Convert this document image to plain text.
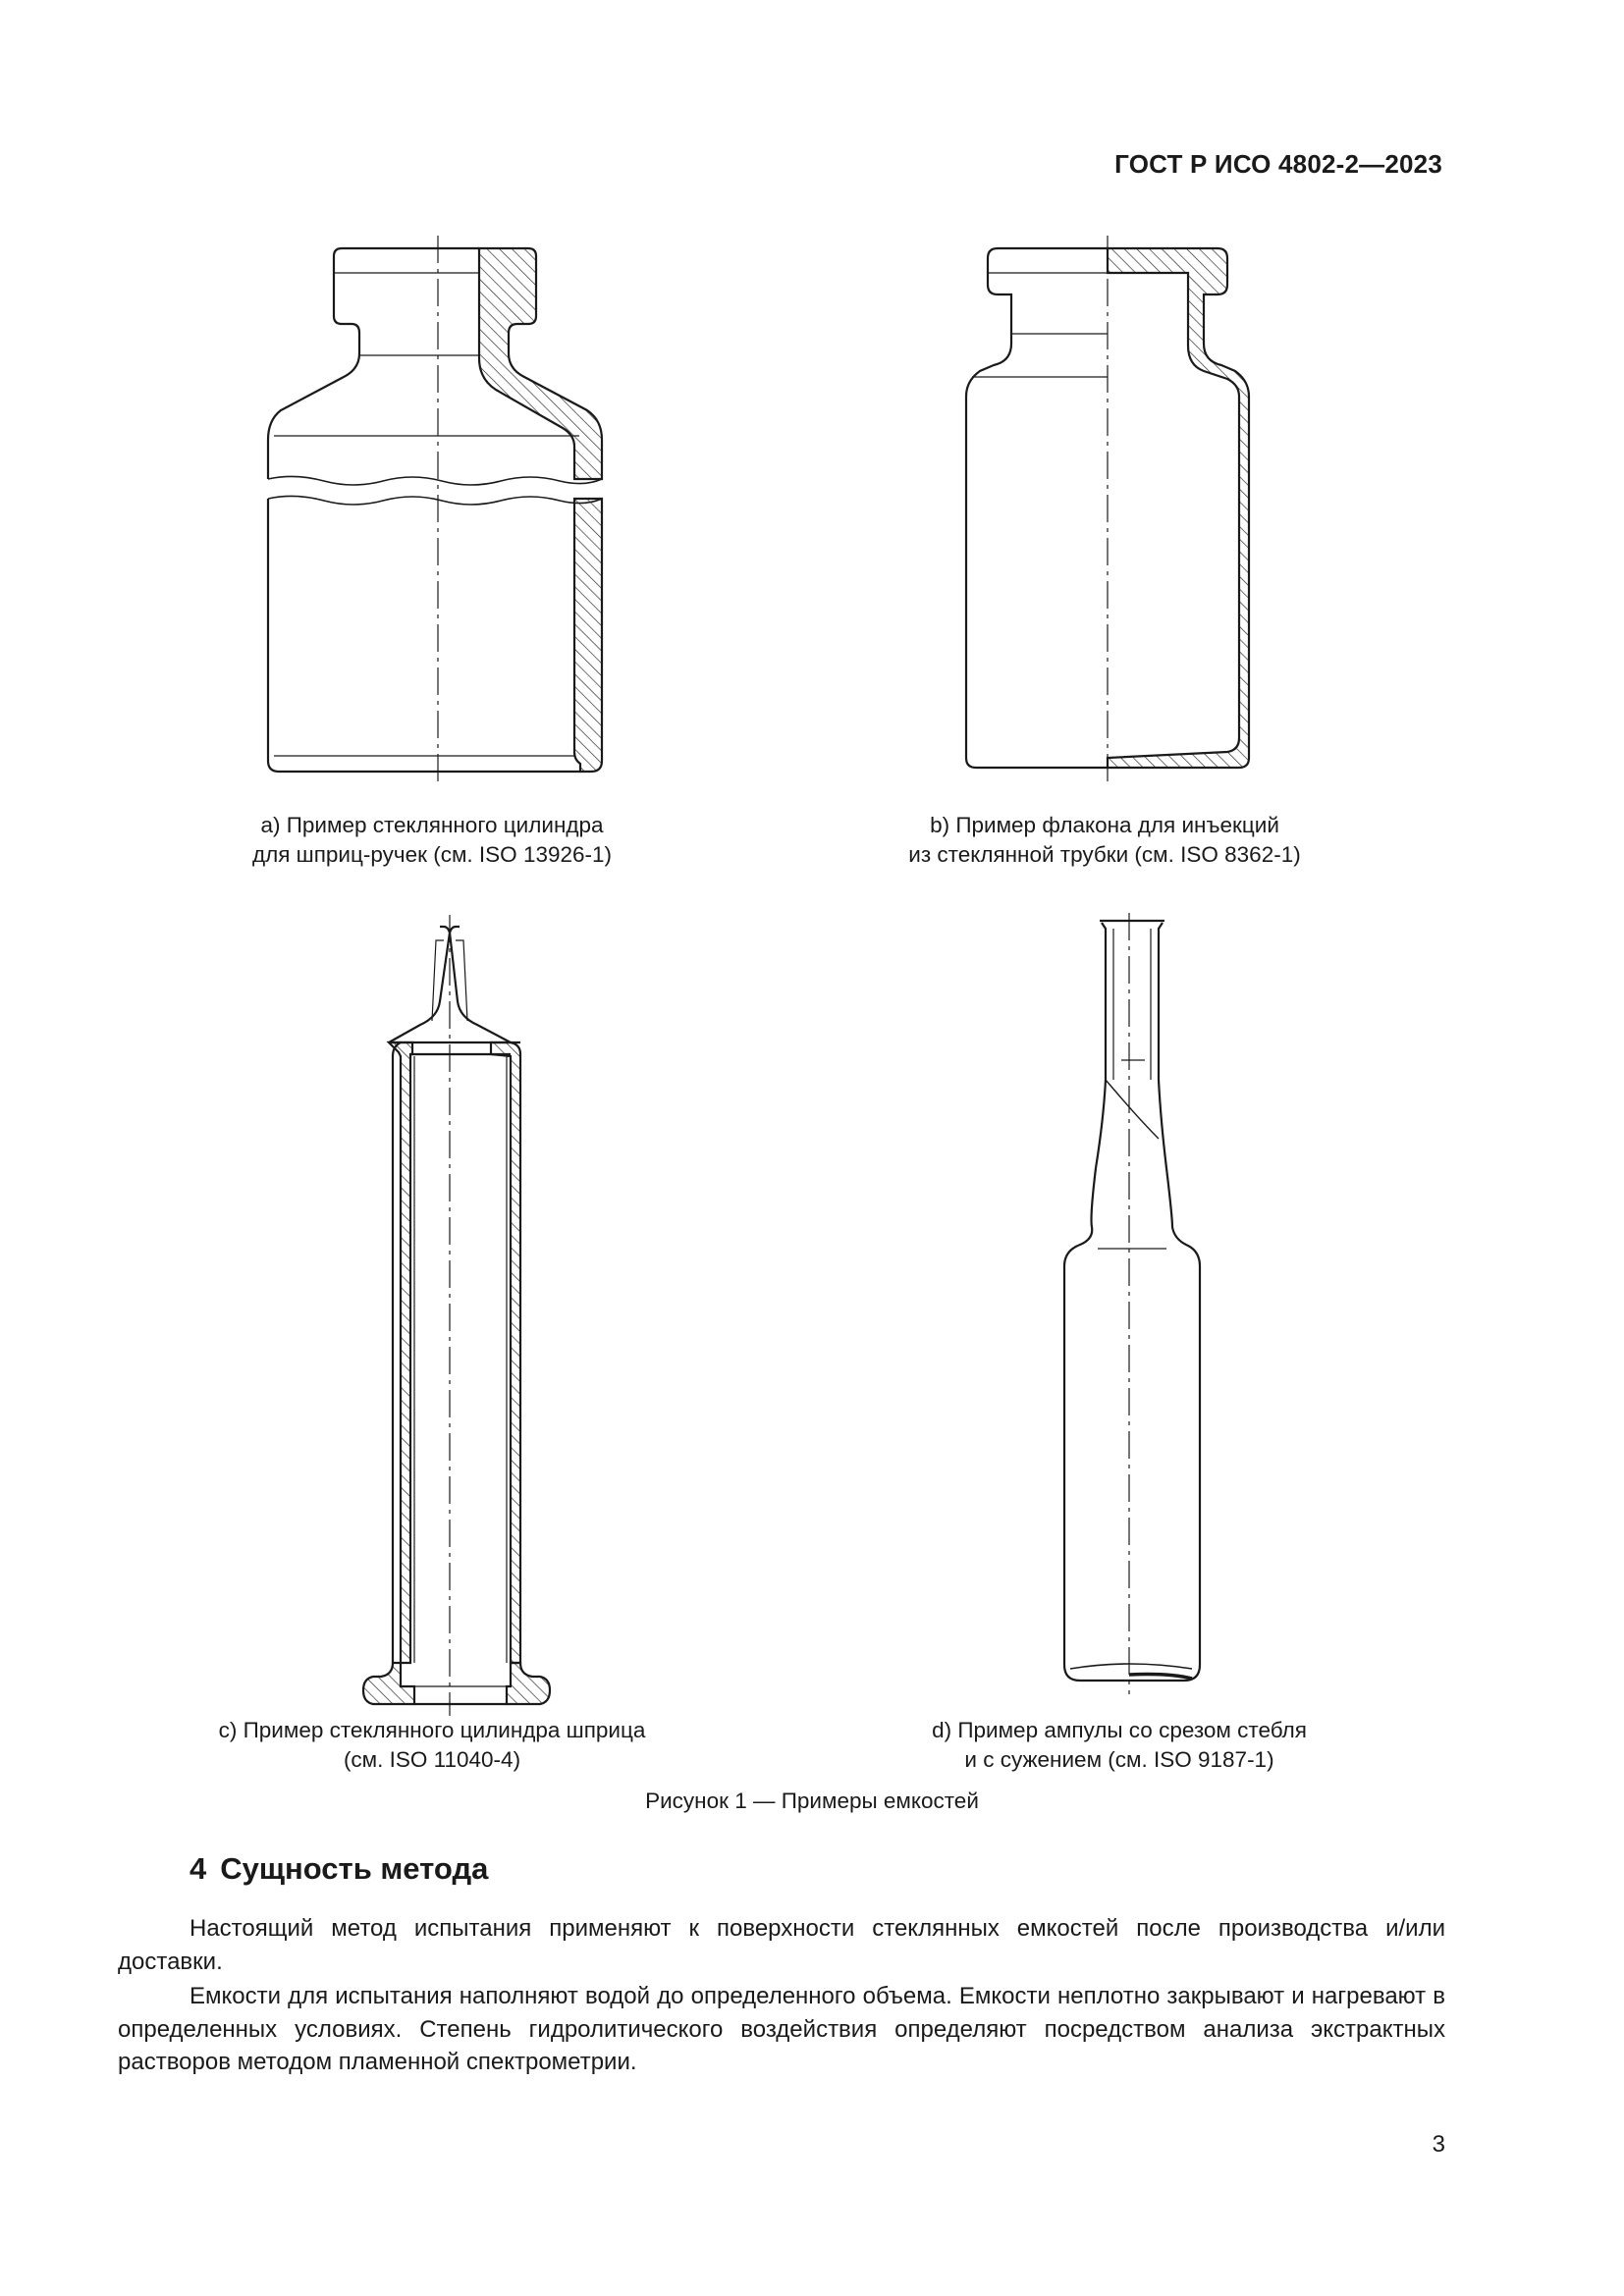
ГОСТ Р ИСО 4802-2—2023
a) Пример стеклянного цилиндра
для шприц-ручек (см. ISO 13926-1)
b) Пример флакона для инъекций
из стеклянной трубки (см. ISO 8362-1)
c) Пример стеклянного цилиндра шприца
(см. ISO 11040-4)
d) Пример ампулы со срезом стебля
и с сужением (см. ISO 9187-1)
Рисунок 1 — Примеры емкостей
4 Сущность метода

Настоящий метод испытания применяют к поверхности стеклянных емкостей после производства и/или доставки.

Емкости для испытания наполняют водой до определенного объема. Емкости неплотно закрывают и нагревают в определенных условиях. Степень гидролитического воздействия определяют посредством анализа экстрактных растворов методом пламенной спектрометрии.

3
